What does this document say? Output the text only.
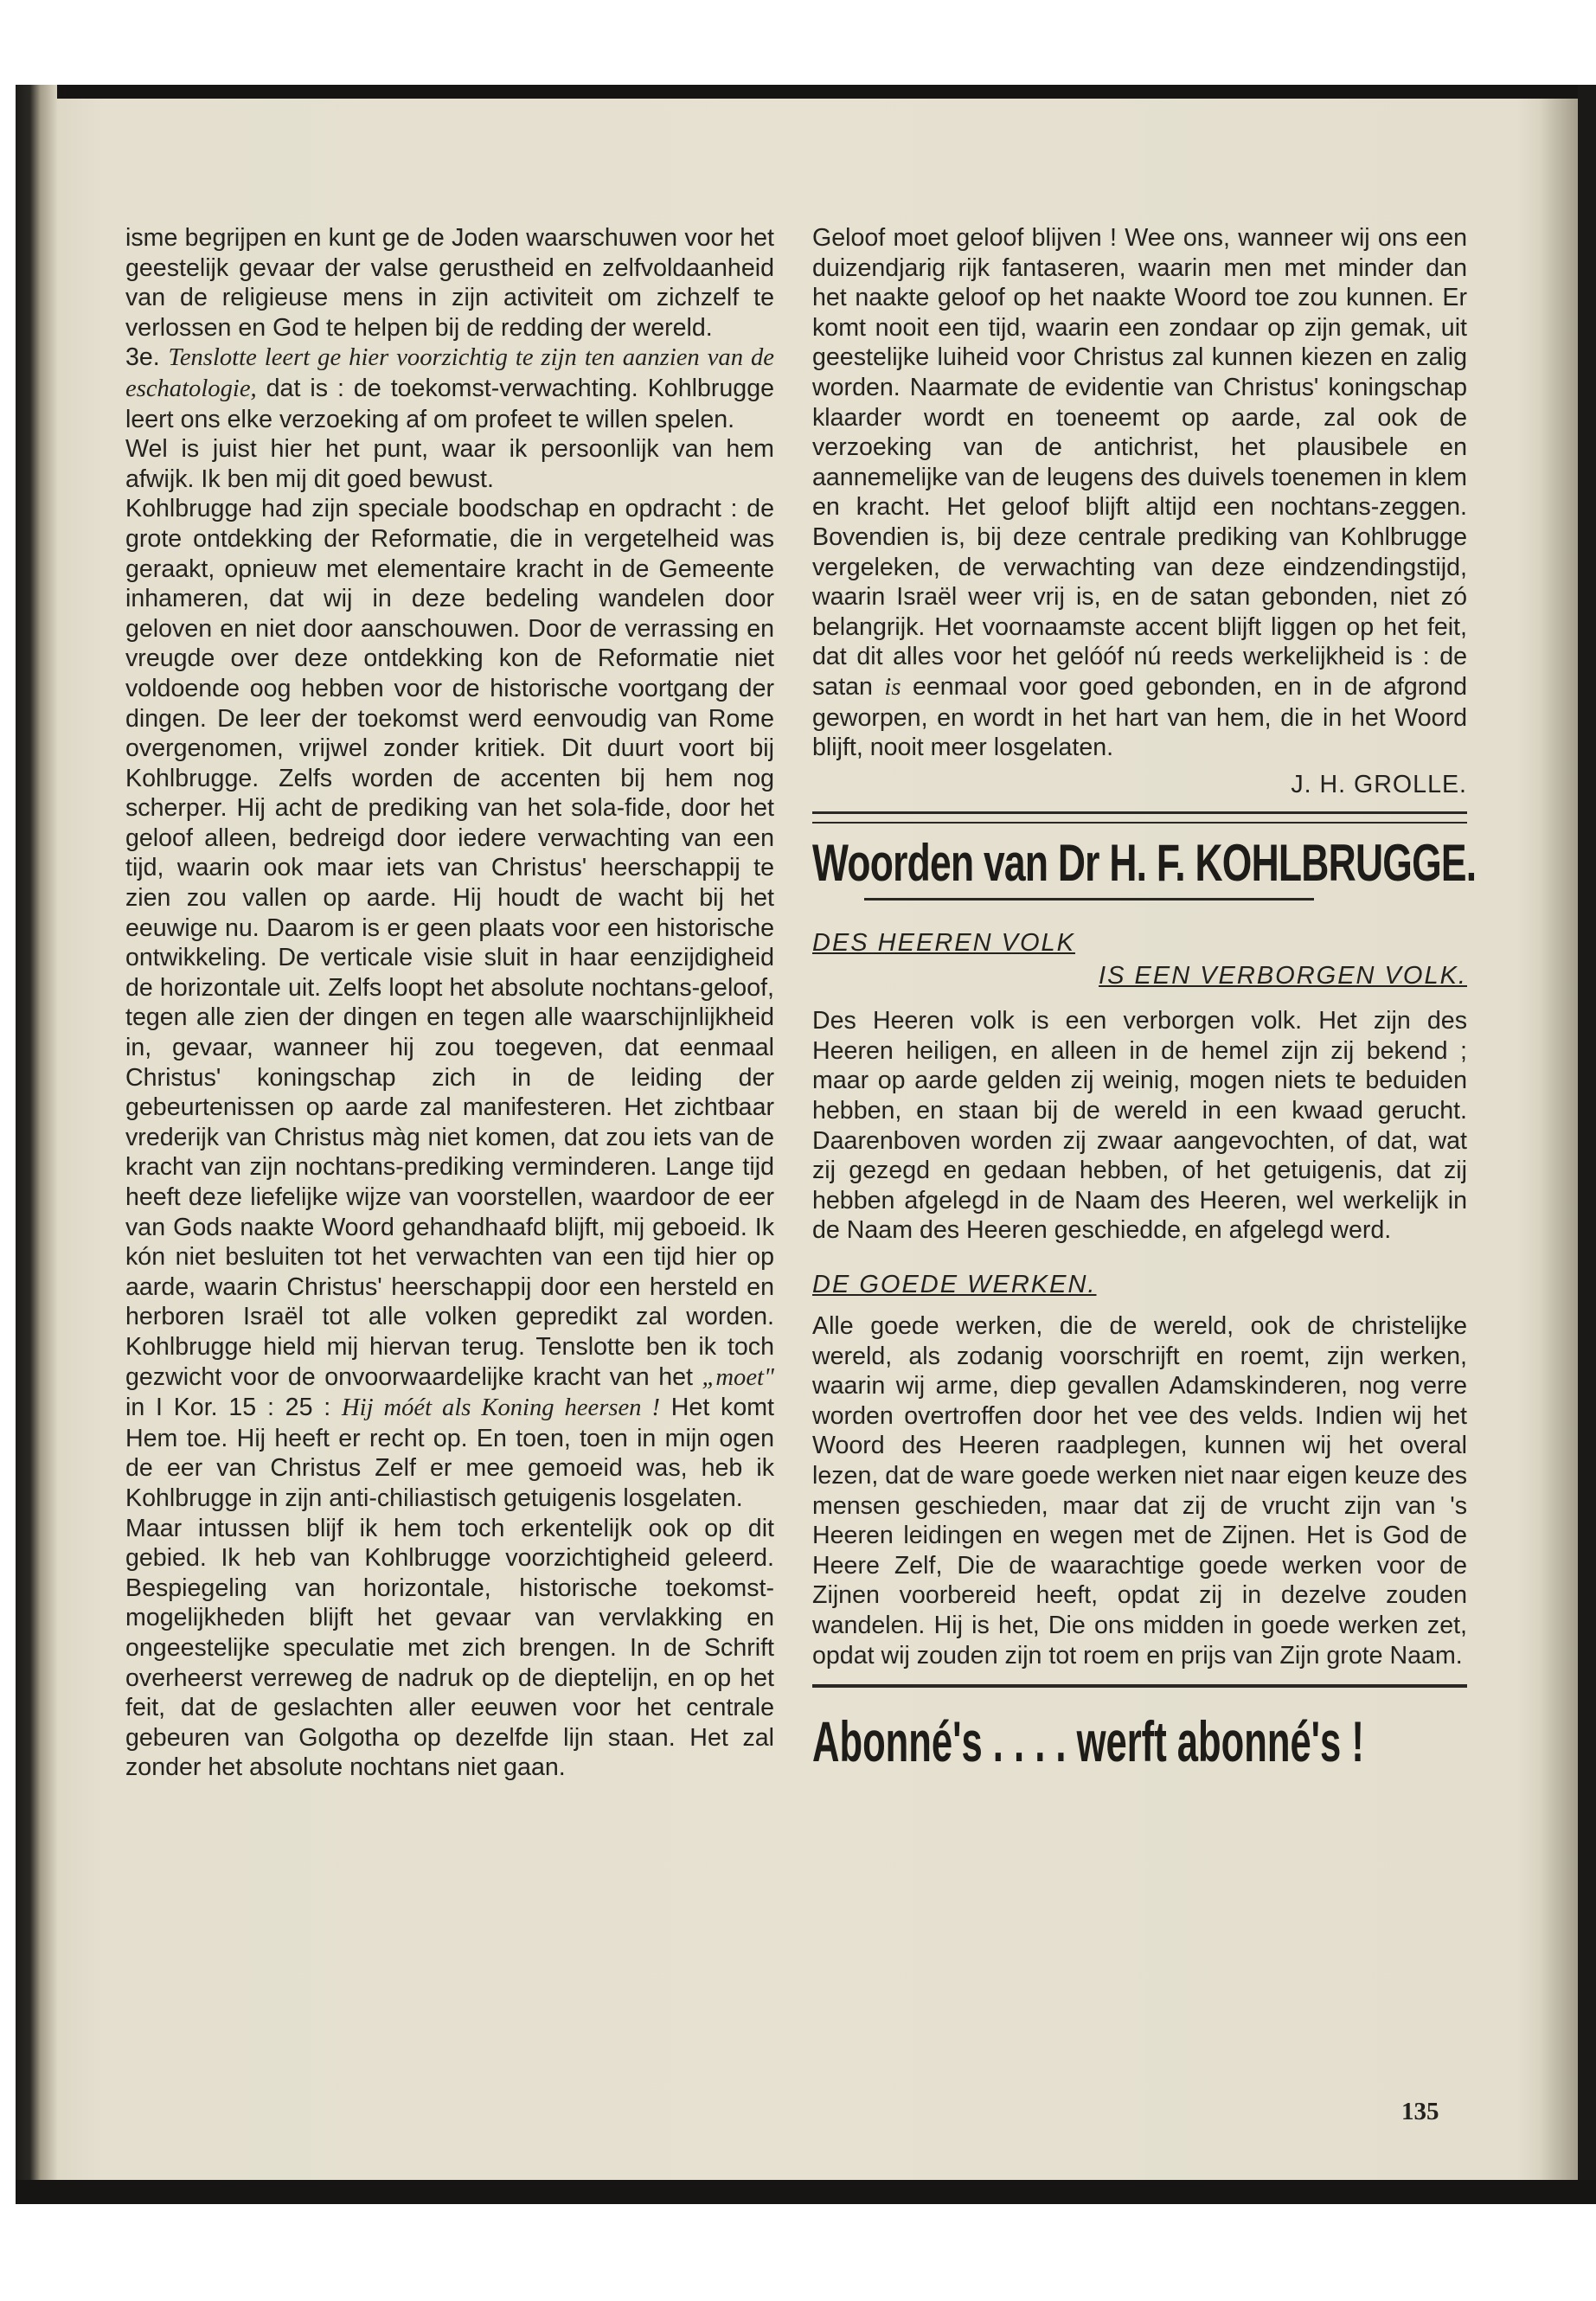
isme begrijpen en kunt ge de Joden waarschuwen voor het geestelijk gevaar der valse gerustheid en zelfvoldaanheid van de religieuse mens in zijn activiteit om zichzelf te verlossen en God te helpen bij de redding der wereld.

3e. Tenslotte leert ge hier voorzichtig te zijn ten aanzien van de eschatologie, dat is : de toekomst-verwachting. Kohlbrugge leert ons elke verzoeking af om profeet te willen spelen.

Wel is juist hier het punt, waar ik persoonlijk van hem afwijk. Ik ben mij dit goed bewust.

Kohlbrugge had zijn speciale boodschap en opdracht : de grote ontdekking der Reformatie, die in vergetelheid was geraakt, opnieuw met elementaire kracht in de Gemeente inhameren, dat wij in deze bedeling wandelen door geloven en niet door aanschouwen. Door de verrassing en vreugde over deze ontdekking kon de Reformatie niet voldoende oog hebben voor de historische voortgang der dingen. De leer der toekomst werd eenvoudig van Rome overgenomen, vrijwel zonder kritiek. Dit duurt voort bij Kohlbrugge. Zelfs worden de accenten bij hem nog scherper. Hij acht de prediking van het sola-fide, door het geloof alleen, bedreigd door iedere verwachting van een tijd, waarin ook maar iets van Christus' heerschappij te zien zou vallen op aarde. Hij houdt de wacht bij het eeuwige nu. Daarom is er geen plaats voor een historische ontwikkeling. De verticale visie sluit in haar eenzijdigheid de horizontale uit. Zelfs loopt het absolute nochtans-geloof, tegen alle zien der dingen en tegen alle waarschijnlijkheid in, gevaar, wanneer hij zou toegeven, dat eenmaal Christus' koningschap zich in de leiding der gebeurtenissen op aarde zal manifesteren. Het zichtbaar vrederijk van Christus màg niet komen, dat zou iets van de kracht van zijn nochtans-prediking verminderen. Lange tijd heeft deze liefelijke wijze van voorstellen, waardoor de eer van Gods naakte Woord gehandhaafd blijft, mij geboeid. Ik kón niet besluiten tot het verwachten van een tijd hier op aarde, waarin Christus' heerschappij door een hersteld en herboren Israël tot alle volken gepredikt zal worden. Kohlbrugge hield mij hiervan terug. Tenslotte ben ik toch gezwicht voor de onvoorwaardelijke kracht van het „moet" in I Kor. 15 : 25 : Hij móét als Koning heersen ! Het komt Hem toe. Hij heeft er recht op. En toen, toen in mijn ogen de eer van Christus Zelf er mee gemoeid was, heb ik Kohlbrugge in zijn anti-chiliastisch getuigenis losgelaten.

Maar intussen blijf ik hem toch erkentelijk ook op dit gebied. Ik heb van Kohlbrugge voorzichtigheid geleerd. Bespiegeling van horizontale, historische toekomst-mogelijkheden blijft het gevaar van vervlakking en ongeestelijke speculatie met zich brengen. In de Schrift overheerst verreweg de nadruk op de dieptelijn, en op het feit, dat de geslachten aller eeuwen voor het centrale gebeuren van Golgotha op dezelfde lijn staan. Het zal zonder het absolute nochtans niet gaan.

Geloof moet geloof blijven ! Wee ons, wanneer wij ons een duizendjarig rijk fantaseren, waarin men met minder dan het naakte geloof op het naakte Woord toe zou kunnen. Er komt nooit een tijd, waarin een zondaar op zijn gemak, uit geestelijke luiheid voor Christus zal kunnen kiezen en zalig worden. Naarmate de evidentie van Christus' koningschap klaarder wordt en toeneemt op aarde, zal ook de verzoeking van de antichrist, het plausibele en aannemelijke van de leugens des duivels toenemen in klem en kracht. Het geloof blijft altijd een nochtans-zeggen. Bovendien is, bij deze centrale prediking van Kohlbrugge vergeleken, de verwachting van deze eindzendingstijd, waarin Israël weer vrij is, en de satan gebonden, niet zó belangrijk. Het voornaamste accent blijft liggen op het feit, dat dit alles voor het gelóóf nú reeds werkelijkheid is : de satan is eenmaal voor goed gebonden, en in de afgrond geworpen, en wordt in het hart van hem, die in het Woord blijft, nooit meer losgelaten.

J. H. GROLLE.

Woorden van Dr H. F. KOHLBRUGGE.

DES HEEREN VOLK

IS EEN VERBORGEN VOLK.

Des Heeren volk is een verborgen volk. Het zijn des Heeren heiligen, en alleen in de hemel zijn zij bekend ; maar op aarde gelden zij weinig, mogen niets te beduiden hebben, en staan bij de wereld in een kwaad gerucht. Daarenboven worden zij zwaar aangevochten, of dat, wat zij gezegd en gedaan hebben, of het getuigenis, dat zij hebben afgelegd in de Naam des Heeren, wel werkelijk in de Naam des Heeren geschiedde, en afgelegd werd.

DE GOEDE WERKEN.

Alle goede werken, die de wereld, ook de christelijke wereld, als zodanig voorschrijft en roemt, zijn werken, waarin wij arme, diep gevallen Adamskinderen, nog verre worden overtroffen door het vee des velds. Indien wij het Woord des Heeren raadplegen, kunnen wij het overal lezen, dat de ware goede werken niet naar eigen keuze des mensen geschieden, maar dat zij de vrucht zijn van 's Heeren leidingen en wegen met de Zijnen. Het is God de Heere Zelf, Die de waarachtige goede werken voor de Zijnen voorbereid heeft, opdat zij in dezelve zouden wandelen. Hij is het, Die ons midden in goede werken zet, opdat wij zouden zijn tot roem en prijs van Zijn grote Naam.

Abonné's . . . . werft abonné's !
135
